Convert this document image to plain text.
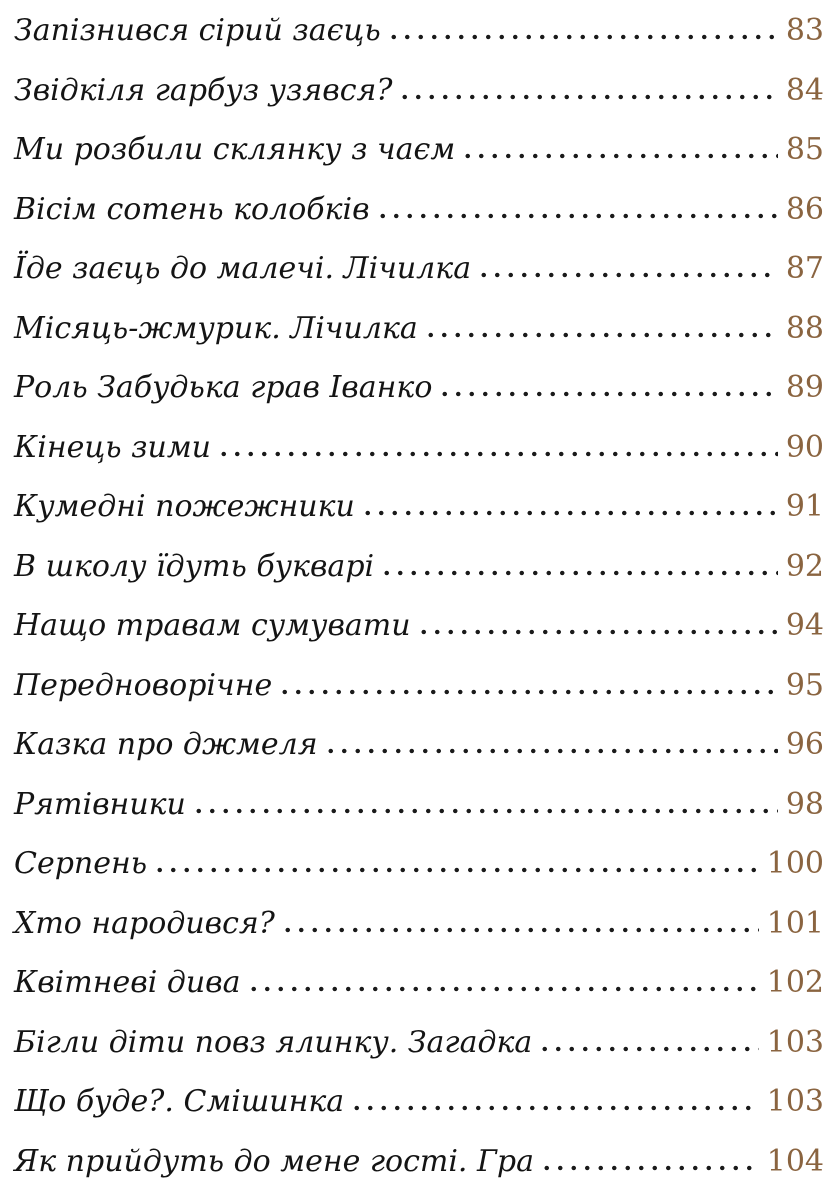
Запізнився сірий заєць	83
Звідкіля гарбуз узявся?	84
Ми розбили склянку з чаєм	85
Вісім сотень колобків	86
Їде заєць до малечі. Лічилка	87
Місяць-жмурик. Лічилка	88
Роль Забудька грав Іванко	89
Кінець зими	90
Кумедні пожежники	91
В школу їдуть букварі	92
Нащо травам сумувати	94
Передноворічне	95
Казка про джмеля	96
Рятівники	98
Серпень	100
Хто народився?	101
Квітневі дива	102
Бігли діти повз ялинку. Загадка	103
Що буде?. Смішинка	103
Як прийдуть до мене гості. Гра	104
